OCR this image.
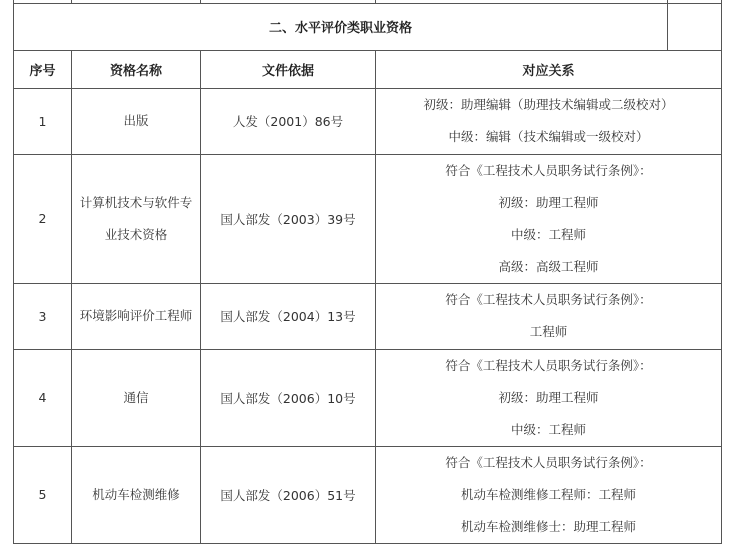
二、水平评价类职业资格				
序号	资格名称	文件依据	对应关系	
1	出版	人发（2001）86号	初级：助理编辑（助理技术编辑或二级校对）
中级：编辑（技术编辑或一级校对）	

2	计算机技术与软件专业技术资格	国人部发（2003）39号	符合《工程技术人员职务试行条例》：
初级：助理工程师
中级：工程师
高级：高级工程师	

3	环境影响评价工程师	国人部发（2004）13号	符合《工程技术人员职务试行条例》：
工程师	

4	通信	国人部发（2006）10号	符合《工程技术人员职务试行条例》：
初级：助理工程师
中级：工程师	

5	机动车检测维修	国人部发（2006）51号	符合《工程技术人员职务试行条例》：
机动车检测维修工程师：工程师
机动车检测维修士：助理工程师	
